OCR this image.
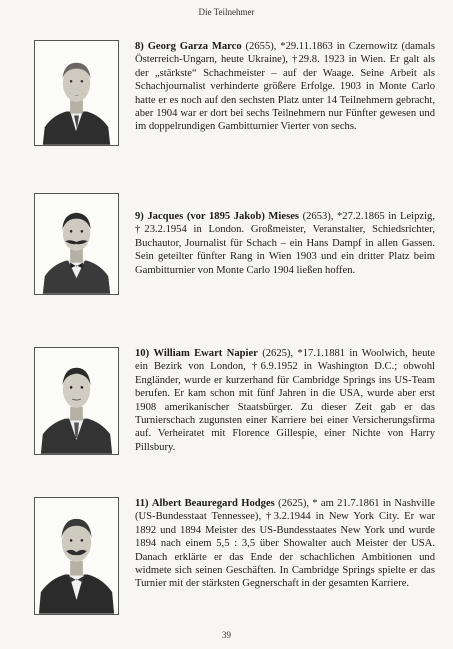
Die Teilnehmer
8) Georg Garza Marco (2655), *29.11.1863 in Czernowitz (damals Österreich-Ungarn, heute Ukraine), †29.8. 1923 in Wien. Er galt als der „stärkste“ Schachmeister – auf der Waage. Seine Arbeit als Schachjournalist verhinderte größere Erfolge. 1903 in Monte Carlo hatte er es noch auf den sechsten Platz unter 14 Teilnehmern gebracht, aber 1904 war er dort bei sechs Teilnehmern nur Fünfter gewesen und im doppelrundigen Gambitturnier Vierter von sechs.
9) Jacques (vor 1895 Jakob) Mieses (2653), *27.2.1865 in Leipzig, †23.2.1954 in London. Großmeister, Veranstalter, Schiedsrichter, Buchautor, Journalist für Schach – ein Hans Dampf in allen Gassen. Sein geteilter fünfter Rang in Wien 1903 und ein dritter Platz beim Gambitturnier von Monte Carlo 1904 ließen hoffen.
10) William Ewart Napier (2625), *17.1.1881 in Woolwich, heute ein Bezirk von London, †6.9.1952 in Washington D.C.; obwohl Engländer, wurde er kurzerhand für Cambridge Springs ins US-Team berufen. Er kam schon mit fünf Jahren in die USA, wurde aber erst 1908 amerikanischer Staatsbürger. Zu dieser Zeit gab er das Turnierschach zugunsten einer Karriere bei einer Versicherungsfirma auf. Verheiratet mit Florence Gillespie, einer Nichte von Harry Pillsbury.
11) Albert Beauregard Hodges (2625), * am 21.7.1861 in Nashville (US-Bundesstaat Tennessee), †3.2.1944 in New York City. Er war 1892 und 1894 Meister des US-Bundesstaates New York und wurde 1894 nach einem 5,5 : 3,5 über Showalter auch Meister der USA. Danach erklärte er das Ende der schachlichen Ambitionen und widmete sich seinen Geschäften. In Cambridge Springs spielte er das Turnier mit der stärksten Gegnerschaft in der gesamten Karriere.
39
